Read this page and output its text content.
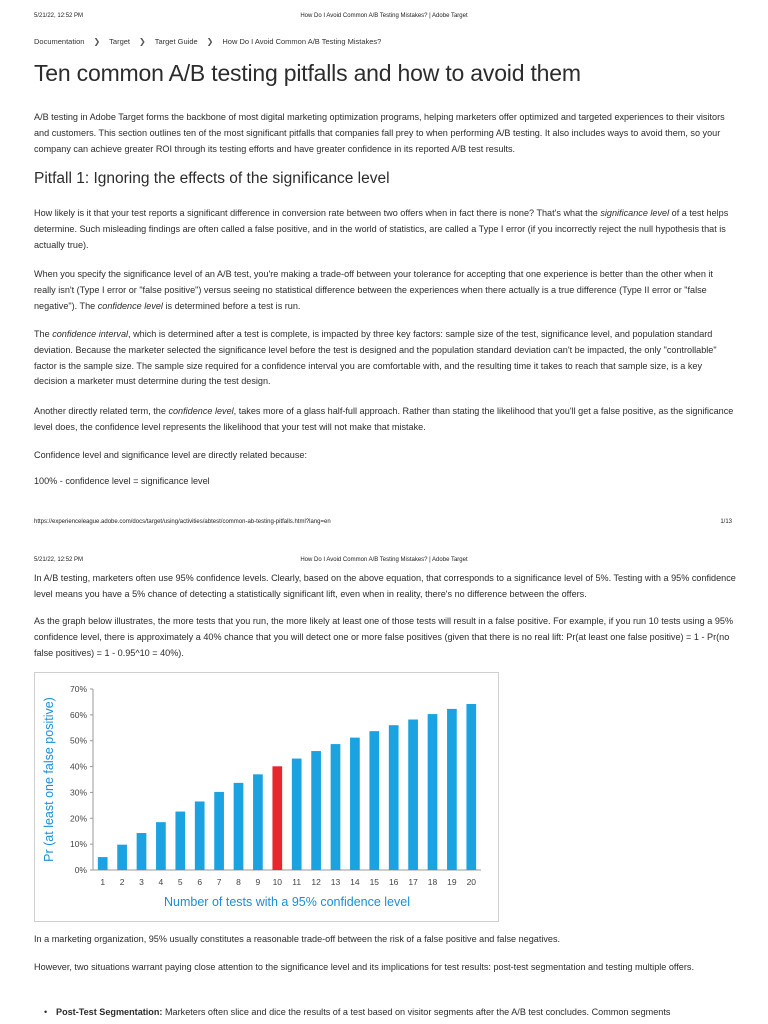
5/21/22, 12:52 PM	How Do I Avoid Common A/B Testing Mistakes? | Adobe Target
Documentation ❯ Target ❯ Target Guide ❯ How Do I Avoid Common A/B Testing Mistakes?
Ten common A/B testing pitfalls and how to avoid them

A/B testing in Adobe Target forms the backbone of most digital marketing optimization programs, helping marketers offer optimized and targeted experiences to their visitors and customers. This section outlines ten of the most significant pitfalls that companies fall prey to when performing A/B testing. It also includes ways to avoid them, so your company can achieve greater ROI through its testing efforts and have greater confidence in its reported A/B test results.

Pitfall 1: Ignoring the effects of the significance level

How likely is it that your test reports a significant difference in conversion rate between two offers when in fact there is none? That's what the significance level of a test helps determine. Such misleading findings are often called a false positive, and in the world of statistics, are called a Type I error (if you incorrectly reject the null hypothesis that is actually true).

When you specify the significance level of an A/B test, you're making a trade-off between your tolerance for accepting that one experience is better than the other when it really isn't (Type I error or "false positive") versus seeing no statistical difference between the experiences when there actually is a true difference (Type II error or "false negative"). The confidence level is determined before a test is run.

The confidence interval, which is determined after a test is complete, is impacted by three key factors: sample size of the test, significance level, and population standard deviation. Because the marketer selected the significance level before the test is designed and the population standard deviation can't be impacted, the only "controllable" factor is the sample size. The sample size required for a confidence interval you are comfortable with, and the resulting time it takes to reach that sample size, is a key decision a marketer must determine during the test design.

Another directly related term, the confidence level, takes more of a glass half-full approach. Rather than stating the likelihood that you'll get a false positive, as the significance level does, the confidence level represents the likelihood that your test will not make that mistake.

Confidence level and significance level are directly related because:

100% - confidence level = significance level

https://experienceleague.adobe.com/docs/target/using/activities/abtest/common-ab-testing-pitfalls.html?lang=en	1/13
5/21/22, 12:52 PM	How Do I Avoid Common A/B Testing Mistakes? | Adobe Target

In A/B testing, marketers often use 95% confidence levels. Clearly, based on the above equation, that corresponds to a significance level of 5%. Testing with a 95% confidence level means you have a 5% chance of detecting a statistically significant lift, even when in reality, there's no difference between the offers.

As the graph below illustrates, the more tests that you run, the more likely at least one of those tests will result in a false positive. For example, if you run 10 tests using a 95% confidence level, there is approximately a 40% chance that you will detect one or more false positives (given that there is no real lift: Pr(at least one false positive) = 1 - Pr(no false positives) = 1 - 0.95^10 = 40%).

0%
10%
20%
30%
40%
50%
60%
70%
1 2 3 4 5 6 7 8 9 10 11 12 13 14 15 16 17 18 19 20
Number of tests with a 95% confidence level
Pr (at least one false positive)

In a marketing organization, 95% usually constitutes a reasonable trade-off between the risk of a false positive and false negatives.

However, two situations warrant paying close attention to the significance level and its implications for test results: post-test segmentation and testing multiple offers.

• Post-Test Segmentation: Marketers often slice and dice the results of a test based on visitor segments after the A/B test concludes. Common segments
